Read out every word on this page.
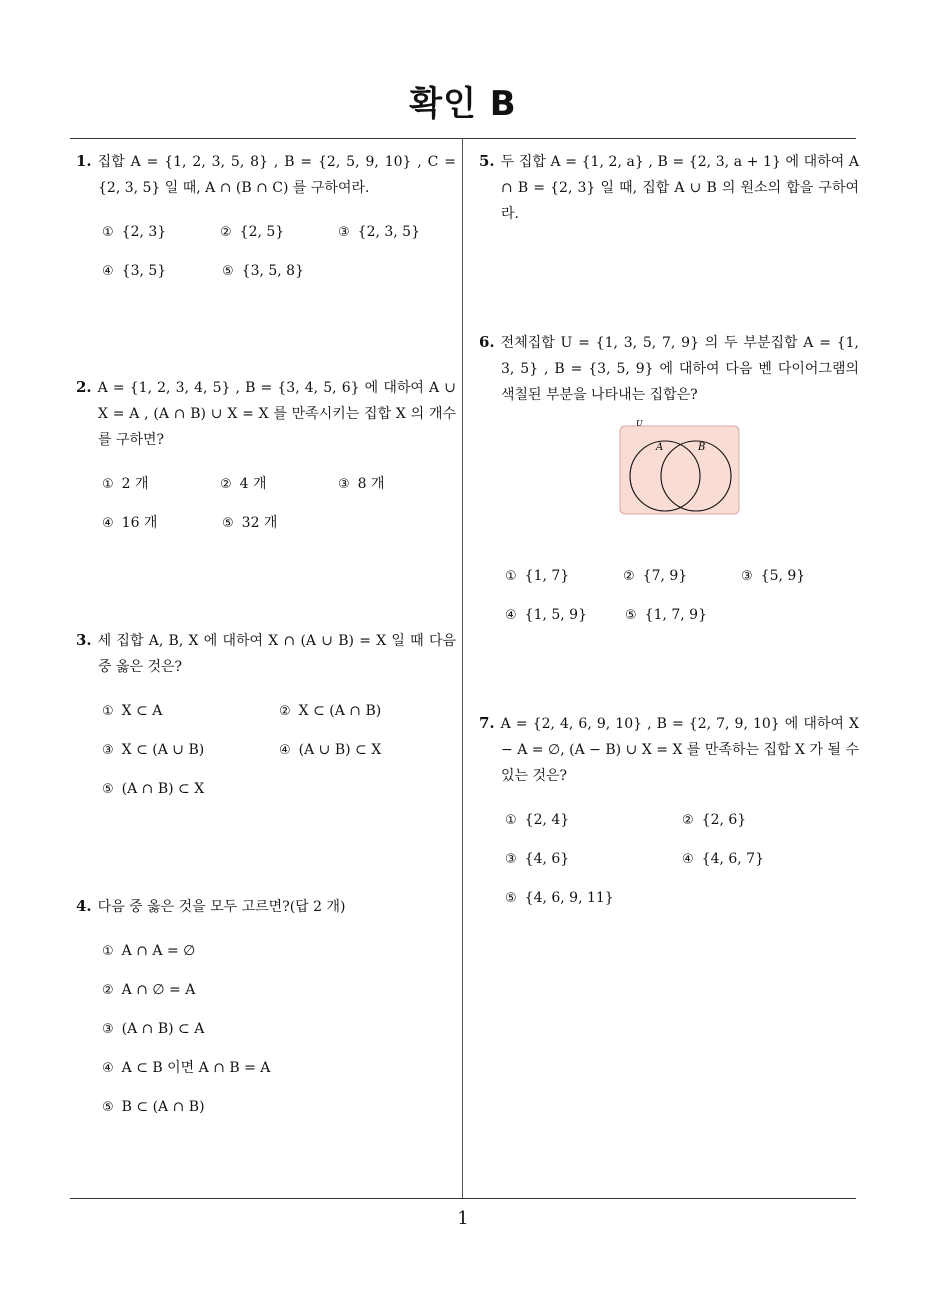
확인 B
1. 집합 A = {1, 2, 3, 5, 8} , B = {2, 5, 9, 10} , C = {2, 3, 5} 일 때, A ∩ (B ∩ C) 를 구하여라.
① {2, 3}	② {2, 5}	③ {2, 3, 5}
④ {3, 5}	⑤ {3, 5, 8}
2. A = {1, 2, 3, 4, 5} , B = {3, 4, 5, 6} 에 대하여 A ∪ X = A , (A ∩ B) ∪ X = X 를 만족시키는 집합 X 의 개수를 구하면?
① 2 개	② 4 개	③ 8 개
④ 16 개	⑤ 32 개
3. 세 집합 A, B, X 에 대하여 X ∩ (A ∪ B) = X 일 때 다음 중 옳은 것은?
① X ⊂ A	② X ⊂ (A ∩ B)
③ X ⊂ (A ∪ B)	④ (A ∪ B) ⊂ X
⑤ (A ∩ B) ⊂ X
4. 다음 중 옳은 것을 모두 고르면?(답 2 개)
① A ∩ A = ∅
② A ∩ ∅ = A
③ (A ∩ B) ⊂ A
④ A ⊂ B 이면 A ∩ B = A
⑤ B ⊂ (A ∩ B)
5. 두 집합 A = {1, 2, a} , B = {2, 3, a + 1} 에 대하여 A ∩ B = {2, 3} 일 때, 집합 A ∪ B 의 원소의 합을 구하여라.
6. 전체집합 U = {1, 3, 5, 7, 9} 의 두 부분집합 A = {1, 3, 5} , B = {3, 5, 9} 에 대하여 다음 벤 다이어그램의 색칠된 부분을 나타내는 집합은?
① {1, 7}	② {7, 9}	③ {5, 9}
④ {1, 5, 9}	⑤ {1, 7, 9}
U
A	B
7. A = {2, 4, 6, 9, 10} , B = {2, 7, 9, 10} 에 대하여 X − A = ∅, (A − B) ∪ X = X 를 만족하는 집합 X 가 될 수 있는 것은?
① {2, 4}	② {2, 6}
③ {4, 6}	④ {4, 6, 7}
⑤ {4, 6, 9, 11}
1
